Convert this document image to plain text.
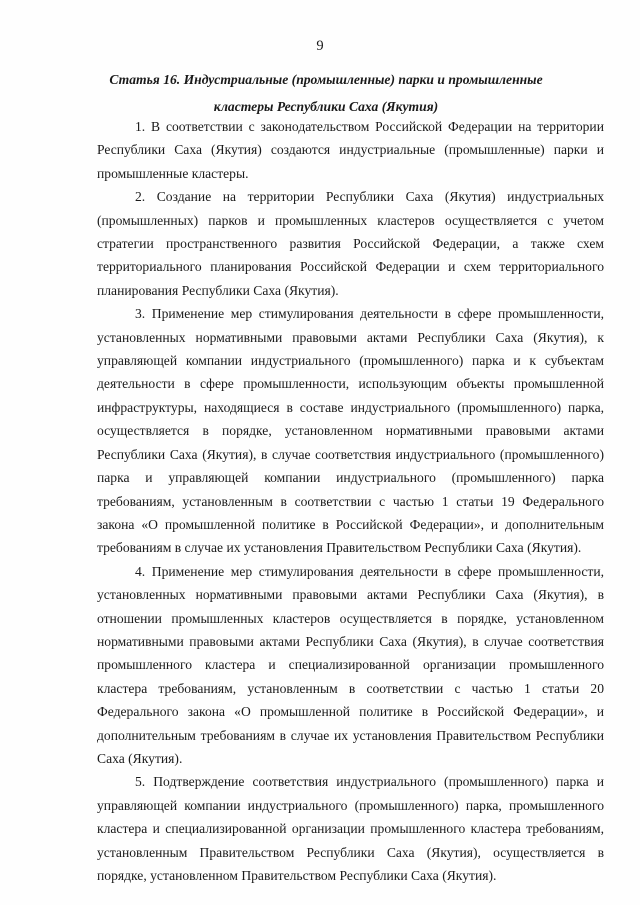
9
Статья 16. Индустриальные (промышленные) парки и промышленные
кластеры Республики Саха (Якутия)

1. В соответствии с законодательством Российской Федерации на территории Республики Саха (Якутия) создаются индустриальные (промышленные) парки и промышленные кластеры.

2. Создание на территории Республики Саха (Якутия) индустриальных (промышленных) парков и промышленных кластеров осуществляется с учетом стратегии пространственного развития Российской Федерации, а также схем территориального планирования Российской Федерации и схем территориального планирования Республики Саха (Якутия).

3. Применение мер стимулирования деятельности в сфере промышленности, установленных нормативными правовыми актами Республики Саха (Якутия), к управляющей компании индустриального (промышленного) парка и к субъектам деятельности в сфере промышленности, использующим объекты промышленной инфраструктуры, находящиеся в составе индустриального (промышленного) парка, осуществляется в порядке, установленном нормативными правовыми актами Республики Саха (Якутия), в случае соответствия индустриального (промышленного) парка и управляющей компании индустриального (промышленного) парка требованиям, установленным в соответствии с частью 1 статьи 19 Федерального закона «О промышленной политике в Российской Федерации», и дополнительным требованиям в случае их установления Правительством Республики Саха (Якутия).

4. Применение мер стимулирования деятельности в сфере промышленности, установленных нормативными правовыми актами Республики Саха (Якутия), в отношении промышленных кластеров осуществляется в порядке, установленном нормативными правовыми актами Республики Саха (Якутия), в случае соответствия промышленного кластера и специализированной организации промышленного кластера требованиям, установленным в соответствии с частью 1 статьи 20 Федерального закона «О промышленной политике в Российской Федерации», и дополнительным требованиям в случае их установления Правительством Республики Саха (Якутия).

5. Подтверждение соответствия индустриального (промышленного) парка и управляющей компании индустриального (промышленного) парка, промышленного кластера и специализированной организации промышленного кластера требованиям, установленным Правительством Республики Саха (Якутия), осуществляется в порядке, установленном Правительством Республики Саха (Якутия).
